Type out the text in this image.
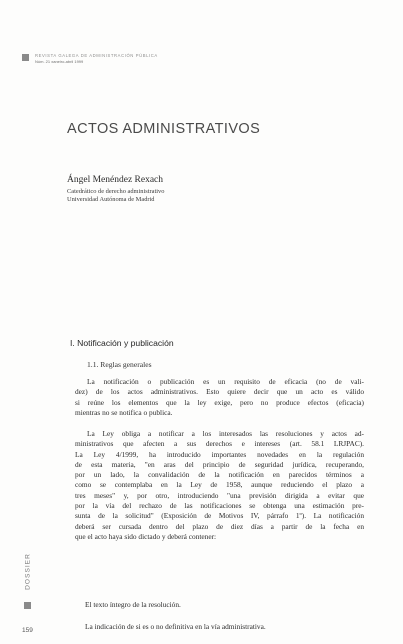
REVISTA GALEGA DE ADMINISTRACIÓN PÚBLICA
Núm. 21 xaneiro-abril 1999
ACTOS ADMINISTRATIVOS
Ángel Menéndez Rexach
Catedrático de derecho administrativo
Universidad Autónoma de Madrid
I. Notificación y publicación
1.1. Reglas generales
La notificación o publicación es un requisito de eficacia (no de vali-
dez) de los actos administrativos. Esto quiere decir que un acto es válido
si reúne los elementos que la ley exige, pero no produce efectos (eficacia)
mientras no se notifica o publica.
La Ley obliga a notificar a los interesados las resoluciones y actos ad-
ministrativos que afecten a sus derechos e intereses (art. 58.1 LRJPAC).
La Ley 4/1999, ha introducido importantes novedades en la regulación
de esta materia, "en aras del principio de seguridad jurídica, recuperando,
por un lado, la convalidación de la notificación en parecidos términos a
como se contemplaba en la Ley de 1958, aunque reduciendo el plazo a
tres meses" y, por otro, introduciendo "una previsión dirigida a evitar que
por la vía del rechazo de las notificaciones se obtenga una estimación pre-
sunta de la solicitud" (Exposición de Motivos IV, párrafo 1º). La notificación
deberá ser cursada dentro del plazo de diez días a partir de la fecha en
que el acto haya sido dictado y deberá contener:
El texto íntegro de la resolución.
La indicación de si es o no definitiva en la vía administrativa.
DOSSIER
159
